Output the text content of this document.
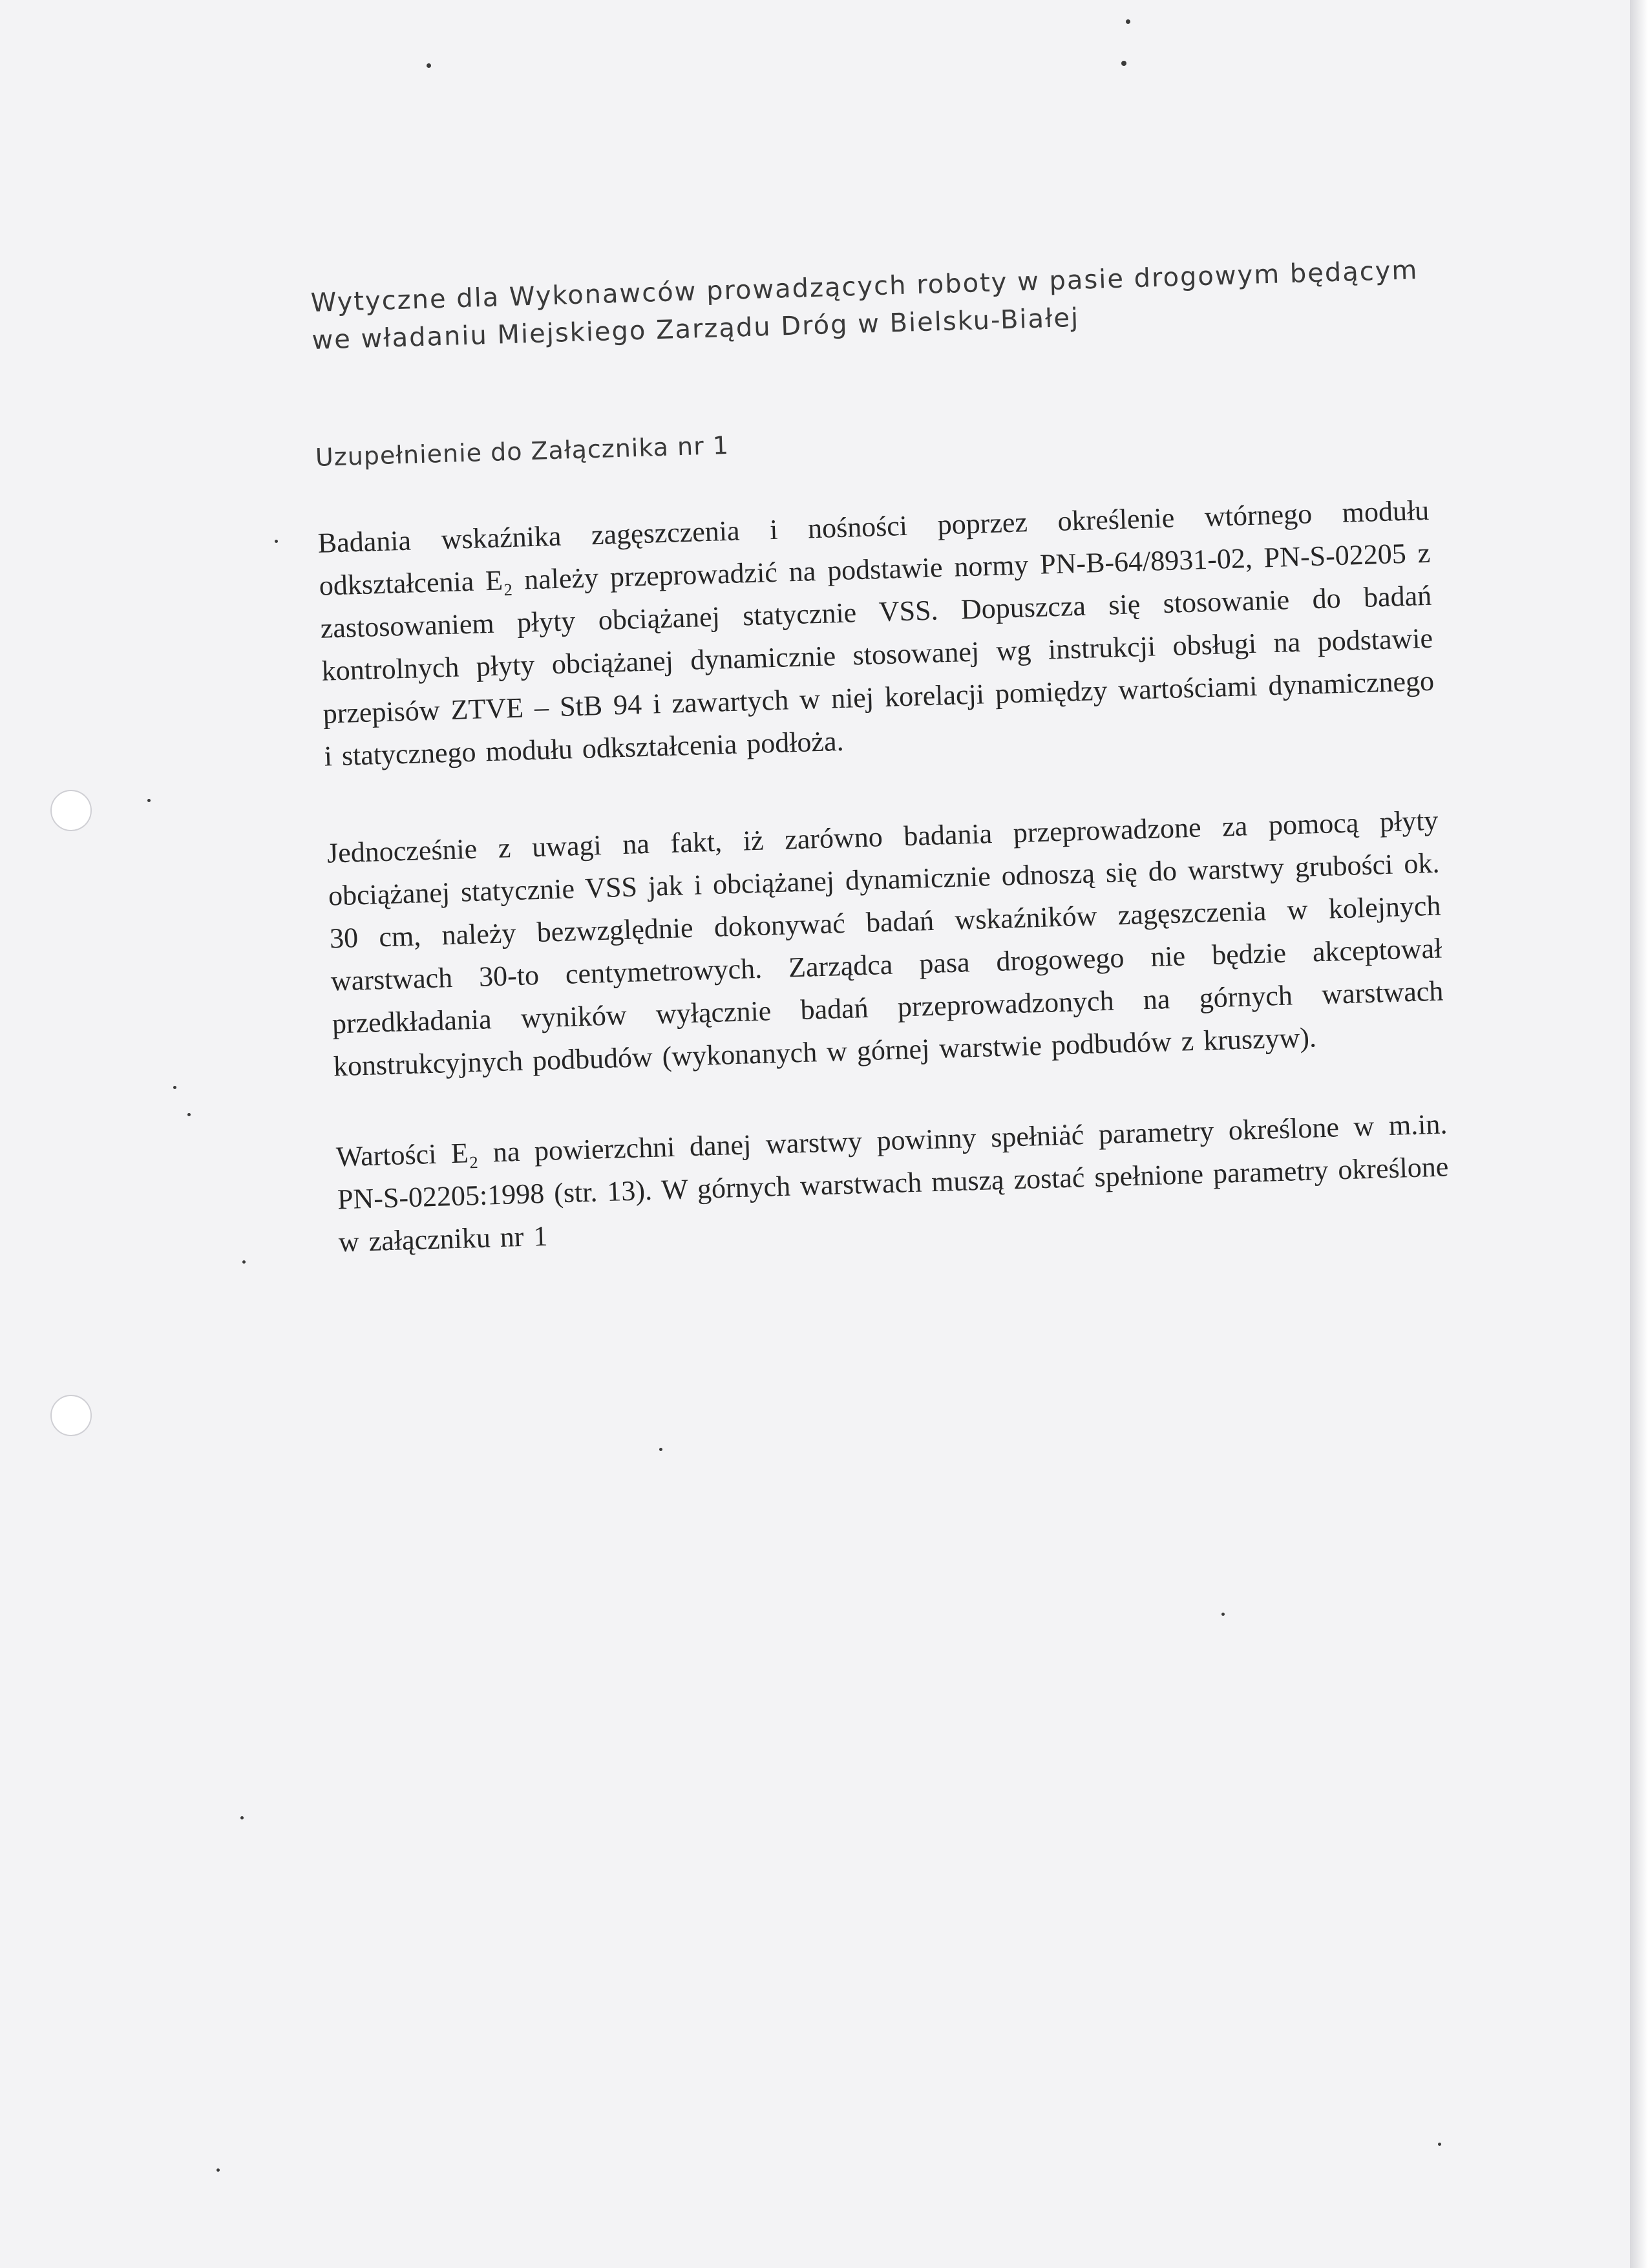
Wytyczne dla Wykonawców prowadzących roboty w pasie drogowym będącym
we władaniu Miejskiego Zarządu Dróg w Bielsku-Białej
Uzupełnienie do Załącznika nr 1

Badania wskaźnika zagęszczenia i nośności poprzez określenie wtórnego modułu odkształcenia E₂ należy przeprowadzić na podstawie normy PN-B-64/8931-02, PN-S-02205 z zastosowaniem płyty obciążanej statycznie VSS. Dopuszcza się stosowanie do badań kontrolnych płyty obciążanej dynamicznie stosowanej wg instrukcji obsługi na podstawie przepisów ZTVE – StB 94 i zawartych w niej korelacji pomiędzy wartościami dynamicznego i statycznego modułu odkształcenia podłoża.

Jednocześnie z uwagi na fakt, iż zarówno badania przeprowadzone za pomocą płyty obciążanej statycznie VSS jak i obciążanej dynamicznie odnoszą się do warstwy grubości ok. 30 cm, należy bezwzględnie dokonywać badań wskaźników zagęszczenia w kolejnych warstwach 30-to centymetrowych. Zarządca pasa drogowego nie będzie akceptował przedkładania wyników wyłącznie badań przeprowadzonych na górnych warstwach konstrukcyjnych podbudów (wykonanych w górnej warstwie podbudów z kruszyw).

Wartości E₂ na powierzchni danej warstwy powinny spełniać parametry określone w m.in. PN-S-02205:1998 (str. 13). W górnych warstwach muszą zostać spełnione parametry określone w załączniku nr 1
